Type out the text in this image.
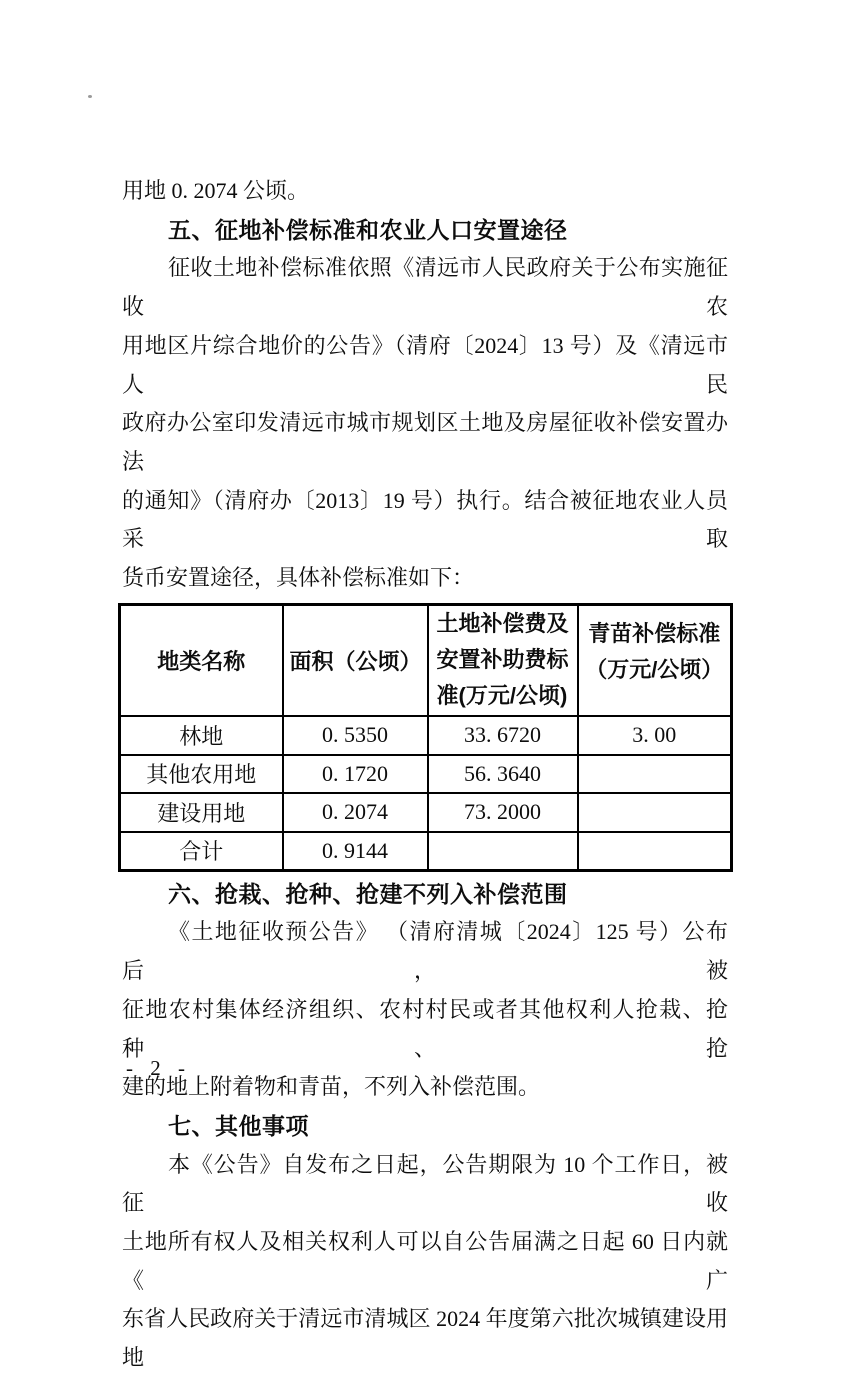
用地 0. 2074 公顷。
五、征地补偿标准和农业人口安置途径
征收土地补偿标准依照《清远市人民政府关于公布实施征收农
用地区片综合地价的公告》（清府〔2024〕13 号）及《清远市人民
政府办公室印发清远市城市规划区土地及房屋征收补偿安置办法
的通知》（清府办〔2013〕19 号）执行。结合被征地农业人员采取
货币安置途径，具体补偿标准如下：
地类名称	面积（公顷）	土地补偿费及安置补助费标准(万元/公顷)	青苗补偿标准（万元/公顷）
林地	0. 5350	33. 6720	3. 00
其他农用地	0. 1720	56. 3640	
建设用地	0. 2074	73. 2000	
合计	0. 9144		
六、抢栽、抢种、抢建不列入补偿范围
《土地征收预公告》 （清府清城〔2024〕125 号）公布后，被
征地农村集体经济组织、农村村民或者其他权利人抢栽、抢种、抢
建的地上附着物和青苗，不列入补偿范围。
七、其他事项
本《公告》自发布之日起，公告期限为 10 个工作日，被征收
土地所有权人及相关权利人可以自公告届满之日起 60 日内就《广
东省人民政府关于清远市清城区 2024 年度第六批次城镇建设用地
- 2 -
